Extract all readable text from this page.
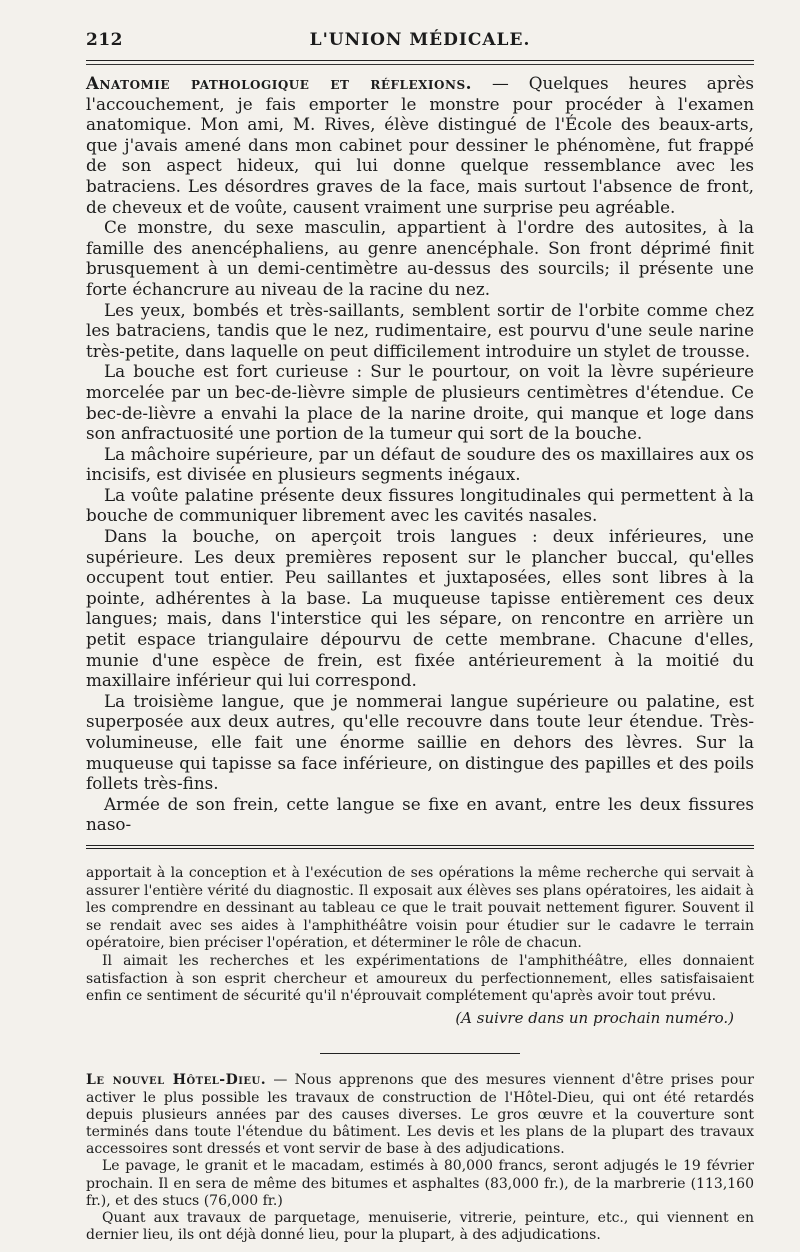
212	L'UNION MÉDICALE.

Anatomie pathologique et réflexions. — Quelques heures après l'accouchement, je fais emporter le monstre pour procéder à l'examen anatomique. Mon ami, M. Rives, élève distingué de l'École des beaux-arts, que j'avais amené dans mon cabinet pour dessiner le phénomène, fut frappé de son aspect hideux, qui lui donne quelque ressemblance avec les batraciens. Les désordres graves de la face, mais surtout l'absence de front, de cheveux et de voûte, causent vraiment une surprise peu agréable.

Ce monstre, du sexe masculin, appartient à l'ordre des autosites, à la famille des anencéphaliens, au genre anencéphale. Son front déprimé finit brusquement à un demi-centimètre au-dessus des sourcils; il présente une forte échancrure au niveau de la racine du nez.

Les yeux, bombés et très-saillants, semblent sortir de l'orbite comme chez les batraciens, tandis que le nez, rudimentaire, est pourvu d'une seule narine très-petite, dans laquelle on peut difficilement introduire un stylet de trousse.

La bouche est fort curieuse : Sur le pourtour, on voit la lèvre supérieure morcelée par un bec-de-lièvre simple de plusieurs centimètres d'étendue. Ce bec-de-lièvre a envahi la place de la narine droite, qui manque et loge dans son anfractuosité une portion de la tumeur qui sort de la bouche.

La mâchoire supérieure, par un défaut de soudure des os maxillaires aux os incisifs, est divisée en plusieurs segments inégaux.

La voûte palatine présente deux fissures longitudinales qui permettent à la bouche de communiquer librement avec les cavités nasales.

Dans la bouche, on aperçoit trois langues : deux inférieures, une supérieure. Les deux premières reposent sur le plancher buccal, qu'elles occupent tout entier. Peu saillantes et juxtaposées, elles sont libres à la pointe, adhérentes à la base. La muqueuse tapisse entièrement ces deux langues; mais, dans l'interstice qui les sépare, on rencontre en arrière un petit espace triangulaire dépourvu de cette membrane. Chacune d'elles, munie d'une espèce de frein, est fixée antérieurement à la moitié du maxillaire inférieur qui lui correspond.

La troisième langue, que je nommerai langue supérieure ou palatine, est superposée aux deux autres, qu'elle recouvre dans toute leur étendue. Très-volumineuse, elle fait une énorme saillie en dehors des lèvres. Sur la muqueuse qui tapisse sa face inférieure, on distingue des papilles et des poils follets très-fins.

Armée de son frein, cette langue se fixe en avant, entre les deux fissures naso-

apportait à la conception et à l'exécution de ses opérations la même recherche qui servait à assurer l'entière vérité du diagnostic. Il exposait aux élèves ses plans opératoires, les aidait à les comprendre en dessinant au tableau ce que le trait pouvait nettement figurer. Souvent il se rendait avec ses aides à l'amphithéâtre voisin pour étudier sur le cadavre le terrain opératoire, bien préciser l'opération, et déterminer le rôle de chacun.

Il aimait les recherches et les expérimentations de l'amphithéâtre, elles donnaient satisfaction à son esprit chercheur et amoureux du perfectionnement, elles satisfaisaient enfin ce sentiment de sécurité qu'il n'éprouvait complétement qu'après avoir tout prévu.

(A suivre dans un prochain numéro.)

Le nouvel Hôtel-Dieu. — Nous apprenons que des mesures viennent d'être prises pour activer le plus possible les travaux de construction de l'Hôtel-Dieu, qui ont été retardés depuis plusieurs années par des causes diverses. Le gros œuvre et la couverture sont terminés dans toute l'étendue du bâtiment. Les devis et les plans de la plupart des travaux accessoires sont dressés et vont servir de base à des adjudications.

Le pavage, le granit et le macadam, estimés à 80,000 francs, seront adjugés le 19 février prochain. Il en sera de même des bitumes et asphaltes (83,000 fr.), de la marbrerie (113,160 fr.), et des stucs (76,000 fr.)

Quant aux travaux de parquetage, menuiserie, vitrerie, peinture, etc., qui viennent en dernier lieu, ils ont déjà donné lieu, pour la plupart, à des adjudications.
